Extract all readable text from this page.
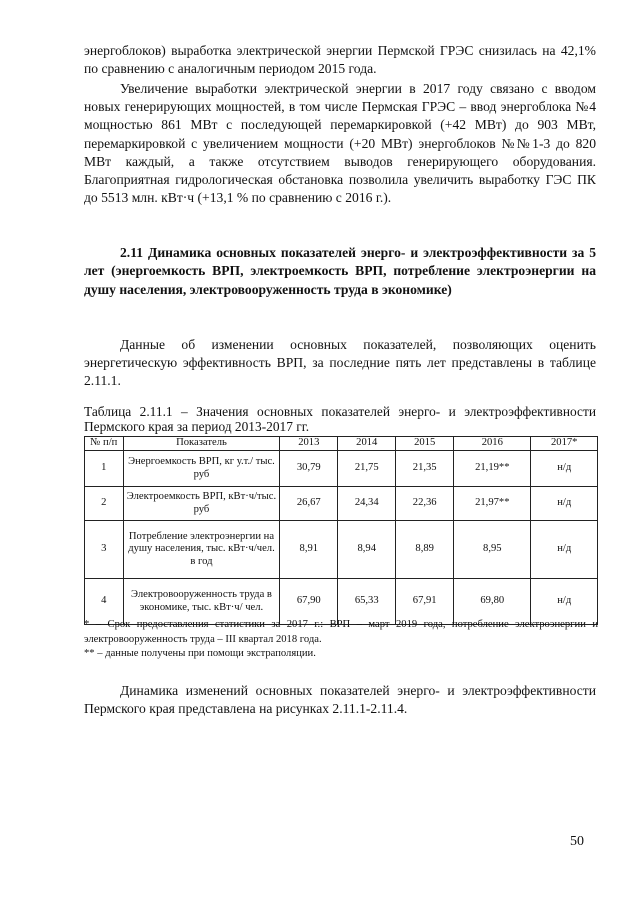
энергоблоков) выработка электрической энергии Пермской ГРЭС снизилась на 42,1% по сравнению с аналогичным периодом 2015 года.

Увеличение выработки электрической энергии в 2017 году связано с вводом новых генерирующих мощностей, в том числе Пермская ГРЭС – ввод энергоблока №4 мощностью 861 МВт с последующей перемаркировкой (+42 МВт) до 903 МВт, перемаркировкой с увеличением мощности (+20 МВт) энергоблоков №№1-3 до 820 МВт каждый, а также отсутствием выводов генерирующего оборудования. Благоприятная гидрологическая обстановка позволила увеличить выработку ГЭС ПК до 5513 млн. кВт·ч (+13,1 % по сравнению с 2016 г.).

2.11 Динамика основных показателей энерго- и электроэффективности за 5 лет (энергоемкость ВРП, электроемкость ВРП, потребление электроэнергии на душу населения, электровооруженность труда в экономике)

Данные об изменении основных показателей, позволяющих оценить энергетическую эффективность ВРП, за последние пять лет представлены в таблице 2.11.1.

Таблица 2.11.1 – Значения основных показателей энерго- и электроэффективности Пермского края за период 2013-2017 гг.

№ п/п	Показатель	2013	2014	2015	2016	2017*
1	Энергоемкость ВРП, кг у.т./ тыс. руб	30,79	21,75	21,35	21,19**	н/д
2	Электроемкость ВРП, кВт·ч/тыс. руб	26,67	24,34	22,36	21,97**	н/д
3	Потребление электроэнергии на душу населения, тыс. кВт·ч/чел. в год	8,91	8,94	8,89	8,95	н/д
4	Электровооруженность труда в экономике, тыс. кВт·ч/ чел.	67,90	65,33	67,91	69,80	н/д

* – Срок предоставления статистики за 2017 г.: ВРП – март 2019 года, потребление электроэнергии и электровооруженность труда – III квартал 2018 года.

** – данные получены при помощи экстраполяции.

Динамика изменений основных показателей энерго- и электроэффективности Пермского края представлена на рисунках 2.11.1-2.11.4.

50
